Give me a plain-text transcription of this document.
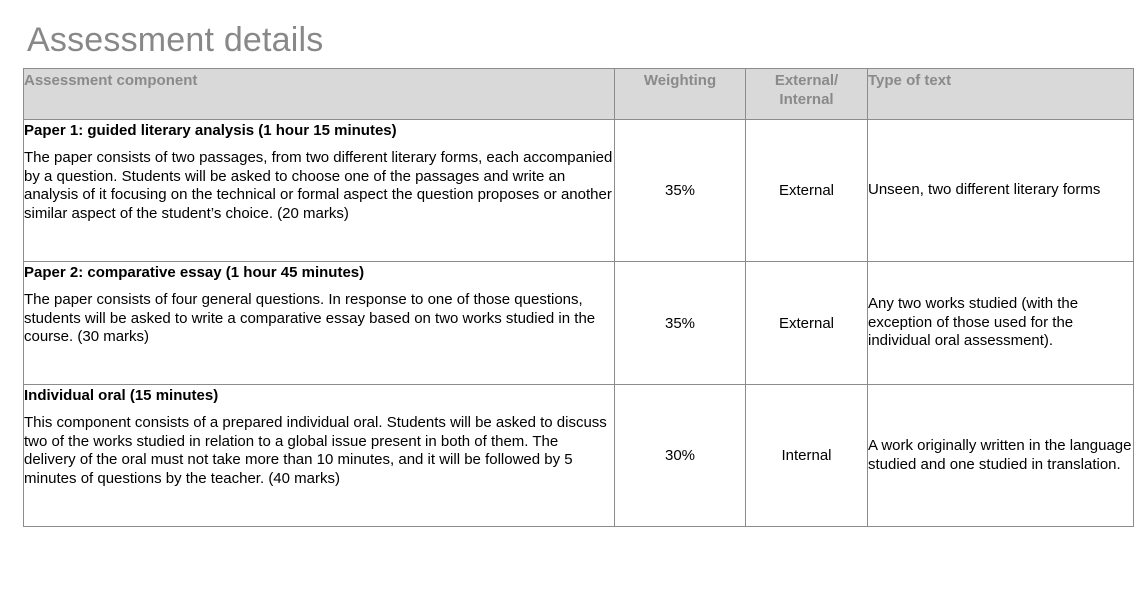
Assessment details
Assessment component	Weighting	External/ Internal	Type of text

Paper 1: guided literary analysis (1 hour 15 minutes)
The paper consists of two passages, from two different literary forms, each accompanied by a question. Students will be asked to choose one of the passages and write an analysis of it focusing on the technical or formal aspect the question proposes or another similar aspect of the student’s choice. (20 marks)	35%	External	Unseen, two different literary forms

Paper 2: comparative essay (1 hour 45 minutes)
The paper consists of four general questions. In response to one of those questions, students will be asked to write a comparative essay based on two works studied in the course. (30 marks)	35%	External	Any two works studied (with the exception of those used for the individual oral assessment).

Individual oral (15 minutes)
This component consists of a prepared individual oral. Students will be asked to discuss two of the works studied in relation to a global issue present in both of them. The delivery of the oral must not take more than 10 minutes, and it will be followed by 5 minutes of questions by the teacher. (40 marks)	30%	Internal	A work originally written in the language studied and one studied in translation.
